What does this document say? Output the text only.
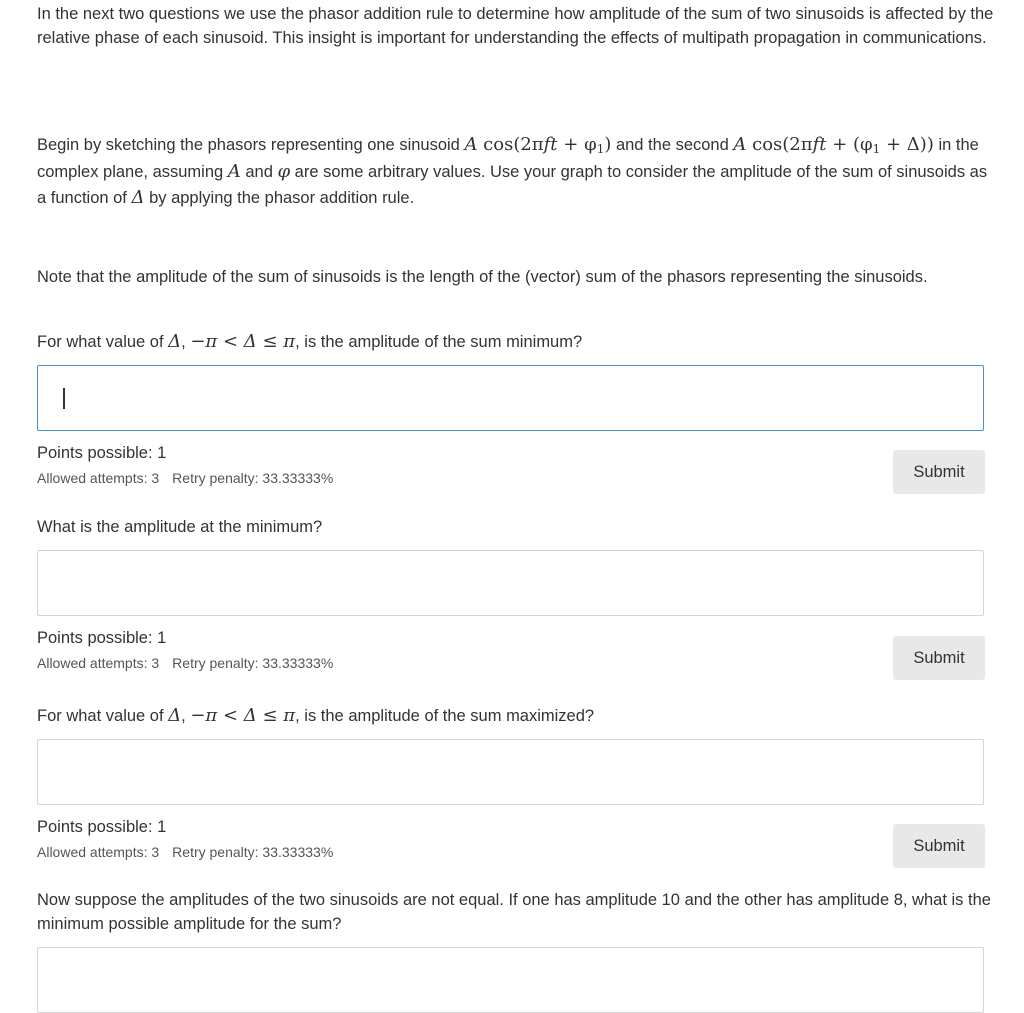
In the next two questions we use the phasor addition rule to determine how amplitude of the sum of two sinusoids is affected by the relative phase of each sinusoid. This insight is important for understanding the effects of multipath propagation in communications.

Begin by sketching the phasors representing one sinusoid A $\cos(2\pi ft + \varphi_1)$ and the second A $\cos(2\pi ft + (\varphi_1 + \Delta))$ in the complex plane, assuming A and φ are some arbitrary values. Use your graph to consider the amplitude of the sum of sinusoids as a function of Δ by applying the phasor addition rule.

Note that the amplitude of the sum of sinusoids is the length of the (vector) sum of the phasors representing the sinusoids.

For what value of Δ, −π < Δ ≤ π, is the amplitude of the sum minimum?

Points possible: 1
Allowed attempts: 3 Retry penalty: 33.33333%	Submit

What is the amplitude at the minimum?

Points possible: 1
Allowed attempts: 3 Retry penalty: 33.33333%	Submit

For what value of Δ, −π < Δ ≤ π, is the amplitude of the sum maximized?

Points possible: 1
Allowed attempts: 3 Retry penalty: 33.33333%	Submit

Now suppose the amplitudes of the two sinusoids are not equal. If one has amplitude 10 and the other has amplitude 8, what is the minimum possible amplitude for the sum?
